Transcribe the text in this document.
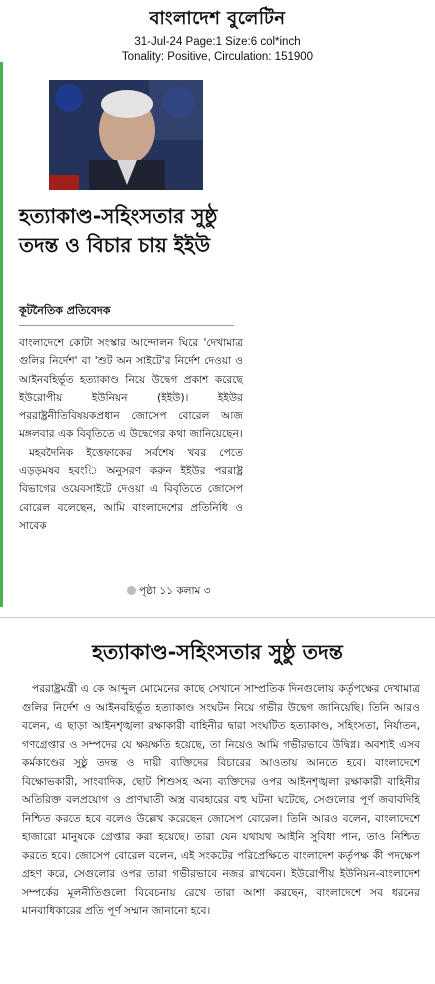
বাংলাদেশ বুলেটিন
31-Jul-24 Page:1 Size:6 col*inch
Tonality: Positive, Circulation: 151900
হত্যাকাণ্ড-সহিংসতার সুষ্ঠু তদন্ত ও বিচার চায় ইইউ
কূটনৈতিক প্রতিবেদক

বাংলাদেশে কোটা সংস্কার আন্দোলন ঘিরে 'দেখামাত্র গুলির নির্দেশ' বা 'শুট অন সাইটে'র নির্দেশ দেওয়া ও আইনবহির্ভূত হত্যাকাণ্ড নিয়ে উদ্বেগ প্রকাশ করেছে ইউরোপীয় ইউনিয়ন (ইইউ)। ইইউর পররাষ্ট্রনীতিবিষয়কপ্রধান জোসেপ বোরেল আজ মঙ্গলবার এক বিবৃতিতে এ উদ্বেগের কথা জানিয়েছেন।

মহবদৈনিক ইত্তেফাকের সর্বশেষ খবর পেতে এড়ড়মষব হবংি অনুসরণ করুন ইইউর পররাষ্ট্র বিভাগের ওয়েবসাইটে দেওয়া এ বিবৃতিতে জোসেপ বোরেল বলেছেন, আমি বাংলাদেশের প্রতিনিধি ও সাবেক

পৃষ্ঠা ১১ কলাম ৩
হত্যাকাণ্ড-সহিংসতার সুষ্ঠু তদন্ত

পররাষ্ট্রমন্ত্রী এ কে আব্দুল মোমেনের কাছে সেখানে সাম্প্রতিক দিনগুলোয় কর্তৃপক্ষের দেখামাত্র গুলির নির্দেশ ও আইনবহির্ভূত হত্যাকাণ্ড সংঘটন নিয়ে গভীর উদ্বেগ জানিয়েছি। তিনি আরও বলেন, এ ছাড়া আইনশৃঙ্খলা রক্ষাকারী বাহিনীর দ্বারা সংঘটিত হত্যাকাণ্ড, সহিংসতা, নির্যাতন, গণগ্রেপ্তার ও সম্পদের যে ক্ষয়ক্ষতি হয়েছে, তা নিয়েও আমি গভীরভাবে উদ্বিগ্ন। অবশ্যই এসব কর্মকাণ্ডের সুষ্ঠু তদন্ত ও দায়ী ব্যক্তিদের বিচারের আওতায় আনতে হবে। বাংলাদেশে বিক্ষোভকারী, সাংবাদিক, ছোট শিশুসহ অন্য ব্যক্তিদের ওপর আইনশৃঙ্খলা রক্ষাকারী বাহিনীর অতিরিক্ত বলপ্রয়োগ ও প্রাণঘাতী অস্ত্র ব্যবহারের বহু ঘটনা ঘটেছে, সেগুলোর পূর্ণ জবাবদিহি নিশ্চিত করতে হবে বলেও উল্লেখ করেছেন জোসেপ বোরেল। তিনি আরও বলেন, বাংলাদেশে হাজারো মানুষকে গ্রেপ্তার করা হয়েছে। তারা যেন যথাযথ আইনি সুবিধা পান, তাও নিশ্চিত করতে হবে। জোসেপ বোরেল বলেন, এই সংকটের পরিপ্রেক্ষিতে বাংলাদেশ কর্তৃপক্ষ কী পদক্ষেপ গ্রহণ করে, সেগুলোর ওপর তারা গভীরভাবে নজর রাখবেন। ইউরোপীয় ইউনিয়ন-বাংলাদেশ সম্পর্কের মূলনীতিগুলো বিবেচনায় রেখে তারা আশা করছেন, বাংলাদেশে সব ধরনের মানবাধিকারের প্রতি পূর্ণ সম্মান জানানো হবে।
